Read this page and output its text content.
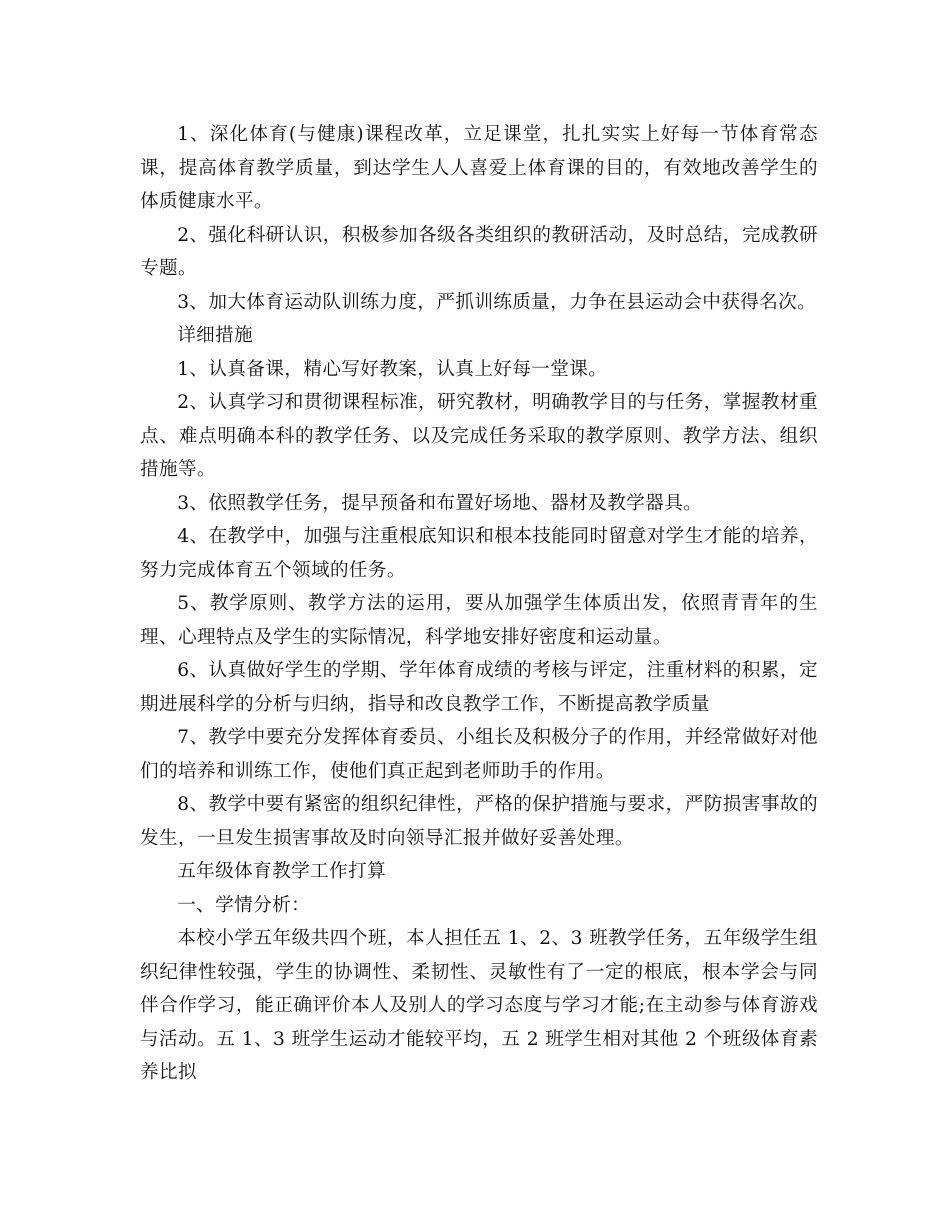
1、深化体育(与健康)课程改革，立足课堂，扎扎实实上好每一节体育常态课，提高体育教学质量，到达学生人人喜爱上体育课的目的，有效地改善学生的体质健康水平。

2、强化科研认识，积极参加各级各类组织的教研活动，及时总结，完成教研专题。

3、加大体育运动队训练力度，严抓训练质量，力争在县运动会中获得名次。

详细措施

1、认真备课，精心写好教案，认真上好每一堂课。

2、认真学习和贯彻课程标准，研究教材，明确教学目的与任务，掌握教材重点、难点明确本科的教学任务、以及完成任务采取的教学原则、教学方法、组织措施等。

3、依照教学任务，提早预备和布置好场地、器材及教学器具。

4、在教学中，加强与注重根底知识和根本技能同时留意对学生才能的培养，努力完成体育五个领域的任务。

5、教学原则、教学方法的运用，要从加强学生体质出发，依照青青年的生理、心理特点及学生的实际情况，科学地安排好密度和运动量。

6、认真做好学生的学期、学年体育成绩的考核与评定，注重材料的积累，定期进展科学的分析与归纳，指导和改良教学工作，不断提高教学质量

7、教学中要充分发挥体育委员、小组长及积极分子的作用，并经常做好对他们的培养和训练工作，使他们真正起到老师助手的作用。

8、教学中要有紧密的组织纪律性，严格的保护措施与要求，严防损害事故的发生，一旦发生损害事故及时向领导汇报并做好妥善处理。

五年级体育教学工作打算

一、学情分析：

本校小学五年级共四个班，本人担任五 1、2、3 班教学任务，五年级学生组织纪律性较强，学生的协调性、柔韧性、灵敏性有了一定的根底，根本学会与同伴合作学习，能正确评价本人及别人的学习态度与学习才能;在主动参与体育游戏与活动。五 1、3 班学生运动才能较平均，五 2 班学生相对其他 2 个班级体育素养比拟
